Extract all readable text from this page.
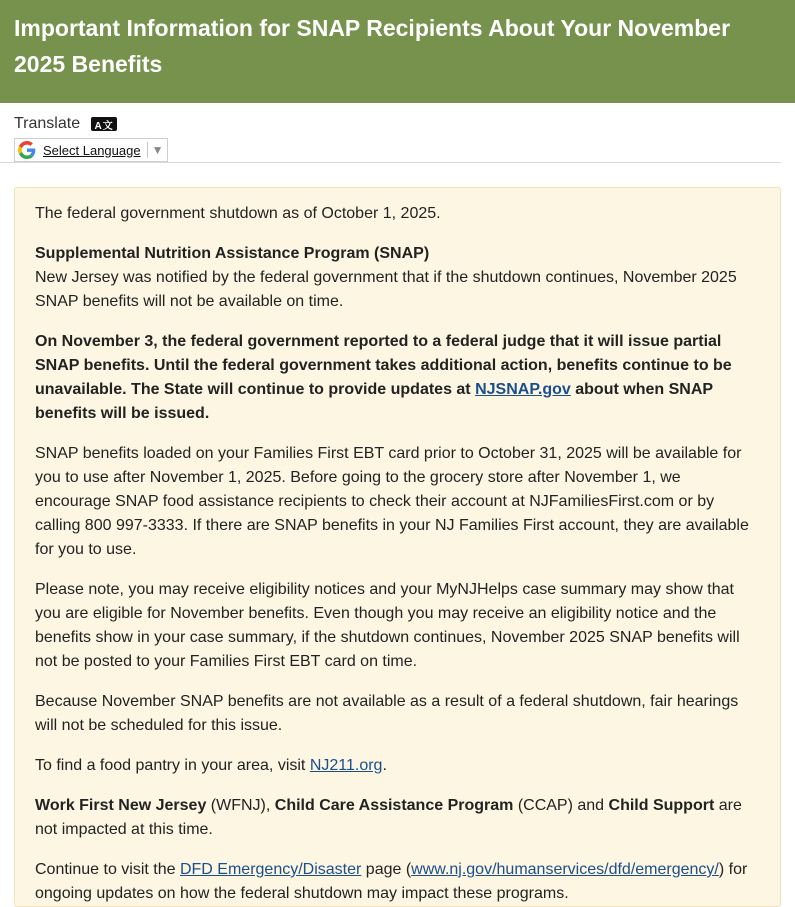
Important Information for SNAP Recipients About Your November 2025 Benefits
Translate	A文
Select Language ▼

The federal government shutdown as of October 1, 2025.

Supplemental Nutrition Assistance Program (SNAP)
New Jersey was notified by the federal government that if the shutdown continues, November 2025 SNAP benefits will not be available on time.

On November 3, the federal government reported to a federal judge that it will issue partial SNAP benefits. Until the federal government takes additional action, benefits continue to be unavailable. The State will continue to provide updates at NJSNAP.gov about when SNAP benefits will be issued.

SNAP benefits loaded on your Families First EBT card prior to October 31, 2025 will be available for you to use after November 1, 2025. Before going to the grocery store after November 1, we encourage SNAP food assistance recipients to check their account at NJFamiliesFirst.com or by calling 800 997-3333. If there are SNAP benefits in your NJ Families First account, they are available for you to use.

Please note, you may receive eligibility notices and your MyNJHelps case summary may show that you are eligible for November benefits. Even though you may receive an eligibility notice and the benefits show in your case summary, if the shutdown continues, November 2025 SNAP benefits will not be posted to your Families First EBT card on time.

Because November SNAP benefits are not available as a result of a federal shutdown, fair hearings will not be scheduled for this issue.

To find a food pantry in your area, visit NJ211.org.

Work First New Jersey (WFNJ), Child Care Assistance Program (CCAP) and Child Support are not impacted at this time.

Continue to visit the DFD Emergency/Disaster page (www.nj.gov/humanservices/dfd/emergency/) for ongoing updates on how the federal shutdown may impact these programs.
